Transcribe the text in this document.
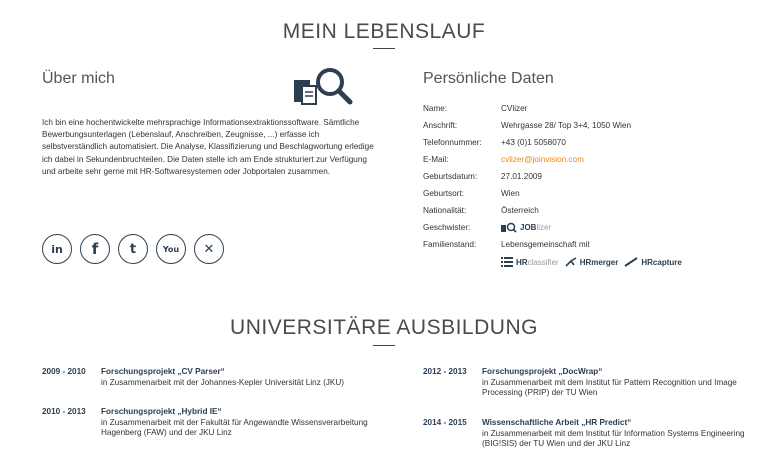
MEIN LEBENSLAUF
Über mich

Ich bin eine hochentwickelte mehrsprachige Informationsextraktionssoftware. Sämtliche Bewerbungsunterlagen (Lebenslauf, Anschreiben, Zeugnisse, ...) erfasse ich selbstverständlich automatisiert. Die Analyse, Klassifizierung und Beschlagwortung erledige ich dabei in Sekundenbruchteilen. Die Daten stelle ich am Ende strukturiert zur Verfügung und arbeite sehr gerne mit HR-Softwaresystemen oder Jobportalen zusammen.

in f t	You ✕
Persönliche Daten
Name:	CVlizer
Anschrift:	Wehrgasse 28/ Top 3+4, 1050 Wien
Telefonnummer:	+43 (0)1 5058070
E-Mail:	cvlizer@joinvision.com
Geburtsdatum:	27.01.2009
Geburtsort:	Wien
Nationalität:	Österreich
Geschwister:	JOBlizer
Familienstand:	Lebensgemeinschaft mit
HRclassifier	HRmerger	HRcapture
UNIVERSITÄRE AUSBILDUNG
2009 - 2010	Forschungsprojekt „CV Parser“
in Zusammenarbeit mit der Johannes-Kepler Universität Linz (JKU)
2010 - 2013	Forschungsprojekt „Hybrid IE“
in Zusammenarbeit mit der Fakultät für Angewandte Wissensverarbeitung Hagenberg (FAW) und der JKU Linz
2012 - 2013	Forschungsprojekt „DocWrap“
in Zusammenarbeit mit dem Institut für Pattern Recognition und Image Processing (PRIP) der TU Wien
2014 - 2015	Wissenschaftliche Arbeit „HR Predict“
in Zusammenarbeit mit dem Institut für Information Systems Engineering (BIG!SIS) der TU Wien und der JKU Linz
